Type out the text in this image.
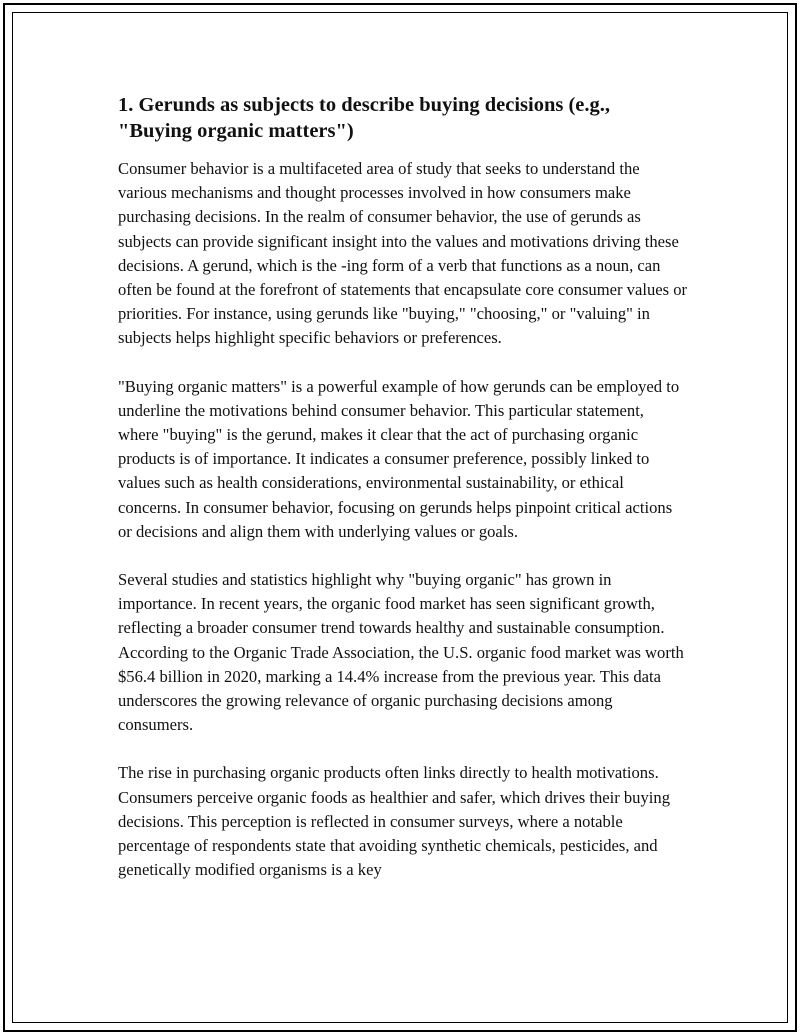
1. Gerunds as subjects to describe buying decisions (e.g., "Buying organic matters")

Consumer behavior is a multifaceted area of study that seeks to understand the various mechanisms and thought processes involved in how consumers make purchasing decisions. In the realm of consumer behavior, the use of gerunds as subjects can provide significant insight into the values and motivations driving these decisions. A gerund, which is the -ing form of a verb that functions as a noun, can often be found at the forefront of statements that encapsulate core consumer values or priorities. For instance, using gerunds like "buying," "choosing," or "valuing" in subjects helps highlight specific behaviors or preferences.

"Buying organic matters" is a powerful example of how gerunds can be employed to underline the motivations behind consumer behavior. This particular statement, where "buying" is the gerund, makes it clear that the act of purchasing organic products is of importance. It indicates a consumer preference, possibly linked to values such as health considerations, environmental sustainability, or ethical concerns. In consumer behavior, focusing on gerunds helps pinpoint critical actions or decisions and align them with underlying values or goals.

Several studies and statistics highlight why "buying organic" has grown in importance. In recent years, the organic food market has seen significant growth, reflecting a broader consumer trend towards healthy and sustainable consumption. According to the Organic Trade Association, the U.S. organic food market was worth $56.4 billion in 2020, marking a 14.4% increase from the previous year. This data underscores the growing relevance of organic purchasing decisions among consumers.

The rise in purchasing organic products often links directly to health motivations. Consumers perceive organic foods as healthier and safer, which drives their buying decisions. This perception is reflected in consumer surveys, where a notable percentage of respondents state that avoiding synthetic chemicals, pesticides, and genetically modified organisms is a key
